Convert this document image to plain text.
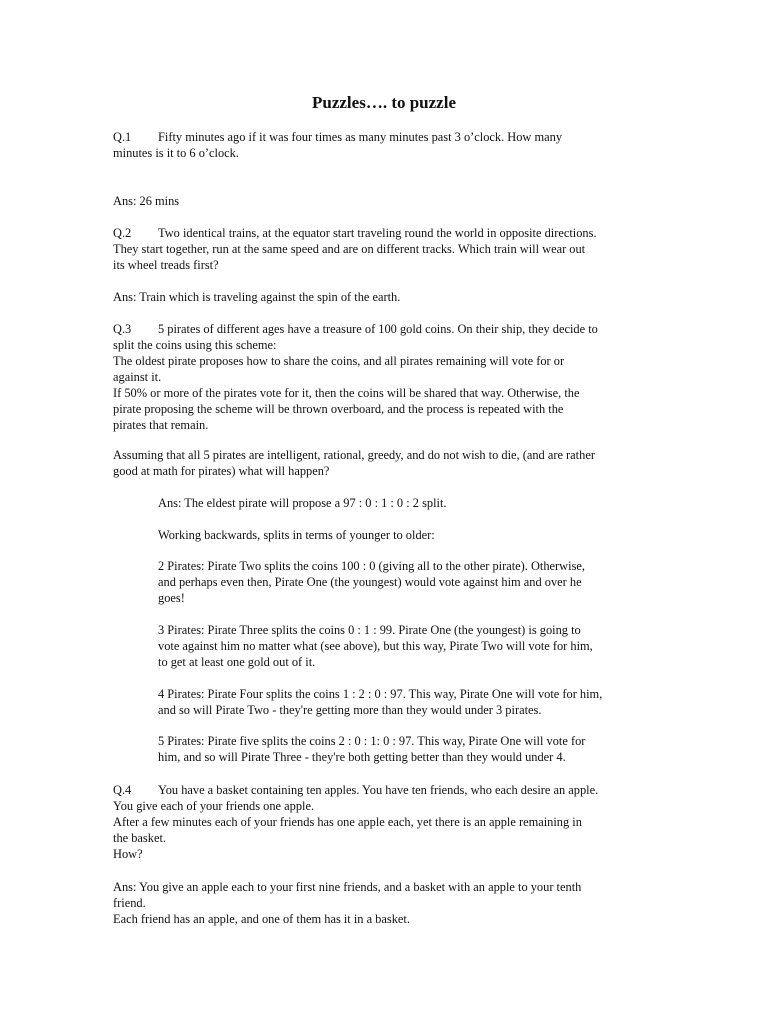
Puzzles…. to puzzle
Q.1 Fifty minutes ago if it was four times as many minutes past 3 o’clock. How many
minutes is it to 6 o’clock.
Ans: 26 mins
Q.2 Two identical trains, at the equator start traveling round the world in opposite directions.
They start together, run at the same speed and are on different tracks. Which train will wear out
its wheel treads first?
Ans: Train which is traveling against the spin of the earth.
Q.3 5 pirates of different ages have a treasure of 100 gold coins. On their ship, they decide to
split the coins using this scheme:
The oldest pirate proposes how to share the coins, and all pirates remaining will vote for or
against it.
If 50% or more of the pirates vote for it, then the coins will be shared that way. Otherwise, the
pirate proposing the scheme will be thrown overboard, and the process is repeated with the
pirates that remain.
Assuming that all 5 pirates are intelligent, rational, greedy, and do not wish to die, (and are rather
good at math for pirates) what will happen?
Ans: The eldest pirate will propose a 97 : 0 : 1 : 0 : 2 split.
Working backwards, splits in terms of younger to older:
2 Pirates: Pirate Two splits the coins 100 : 0 (giving all to the other pirate). Otherwise,
and perhaps even then, Pirate One (the youngest) would vote against him and over he
goes!
3 Pirates: Pirate Three splits the coins 0 : 1 : 99. Pirate One (the youngest) is going to
vote against him no matter what (see above), but this way, Pirate Two will vote for him,
to get at least one gold out of it.
4 Pirates: Pirate Four splits the coins 1 : 2 : 0 : 97. This way, Pirate One will vote for him,
and so will Pirate Two - they're getting more than they would under 3 pirates.
5 Pirates: Pirate five splits the coins 2 : 0 : 1: 0 : 97. This way, Pirate One will vote for
him, and so will Pirate Three - they're both getting better than they would under 4.
Q.4 You have a basket containing ten apples. You have ten friends, who each desire an apple.
You give each of your friends one apple.
After a few minutes each of your friends has one apple each, yet there is an apple remaining in
the basket.
How?
Ans: You give an apple each to your first nine friends, and a basket with an apple to your tenth
friend.
Each friend has an apple, and one of them has it in a basket.
